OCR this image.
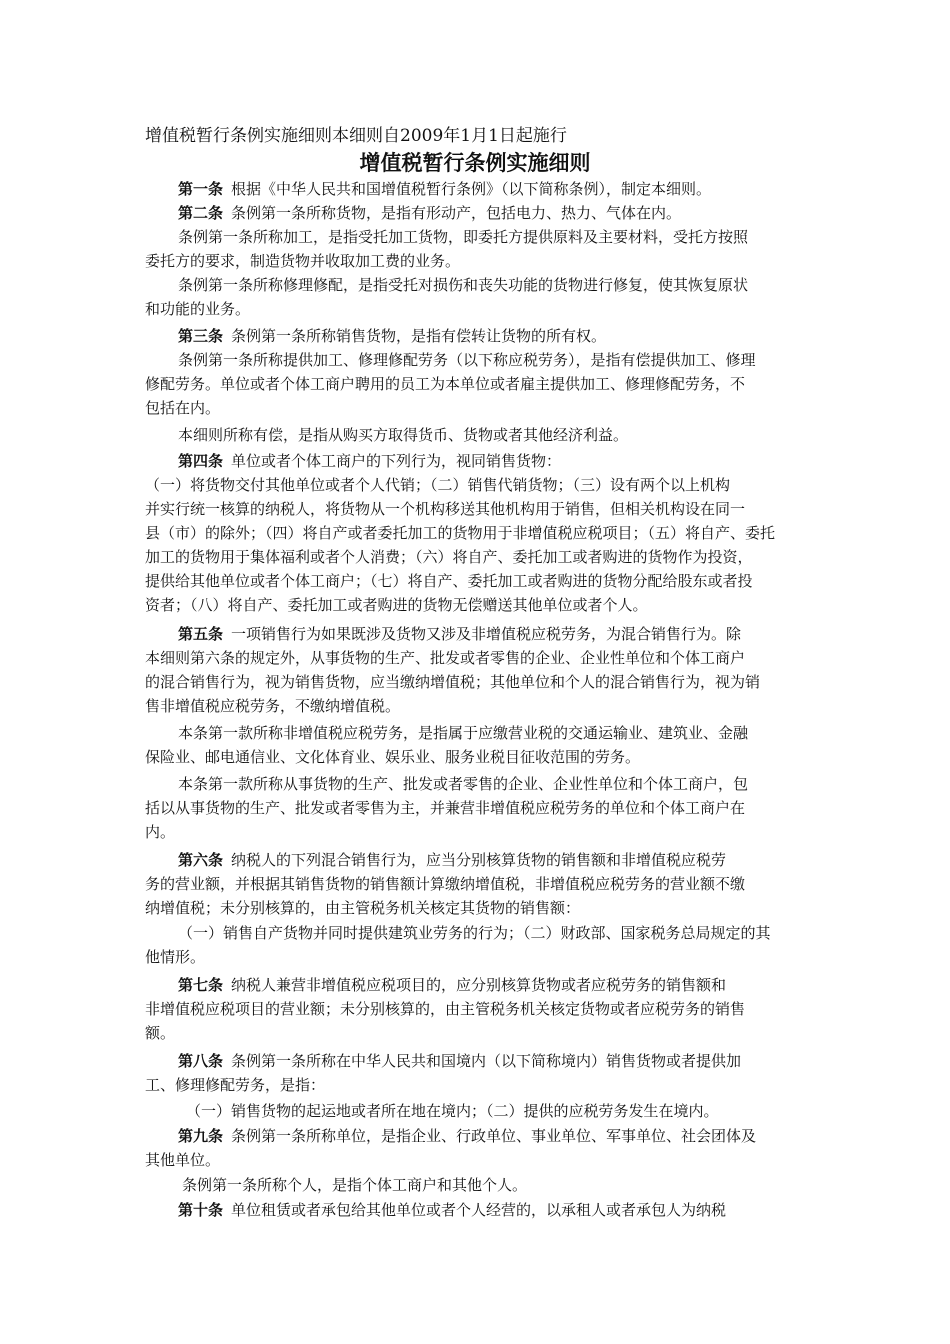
增值税暂行条例实施细则本细则自2009年1月1日起施行
增值税暂行条例实施细则
第一条 根据《中华人民共和国增值税暂行条例》（以下简称条例），制定本细则。
第二条 条例第一条所称货物，是指有形动产，包括电力、热力、气体在内。
条例第一条所称加工，是指受托加工货物，即委托方提供原料及主要材料，受托方按照
委托方的要求，制造货物并收取加工费的业务。
条例第一条所称修理修配，是指受托对损伤和丧失功能的货物进行修复，使其恢复原状
和功能的业务。
第三条 条例第一条所称销售货物，是指有偿转让货物的所有权。
条例第一条所称提供加工、修理修配劳务（以下称应税劳务），是指有偿提供加工、修理
修配劳务。单位或者个体工商户聘用的员工为本单位或者雇主提供加工、修理修配劳务，不
包括在内。
本细则所称有偿，是指从购买方取得货币、货物或者其他经济利益。
第四条 单位或者个体工商户的下列行为，视同销售货物：
（一）将货物交付其他单位或者个人代销；（二）销售代销货物；（三）设有两个以上机构
并实行统一核算的纳税人，将货物从一个机构移送其他机构用于销售，但相关机构设在同一
县（市）的除外；（四）将自产或者委托加工的货物用于非增值税应税项目；（五）将自产、委托
加工的货物用于集体福利或者个人消费；（六）将自产、委托加工或者购进的货物作为投资，
提供给其他单位或者个体工商户；（七）将自产、委托加工或者购进的货物分配给股东或者投
资者；（八）将自产、委托加工或者购进的货物无偿赠送其他单位或者个人。
第五条 一项销售行为如果既涉及货物又涉及非增值税应税劳务，为混合销售行为。除
本细则第六条的规定外，从事货物的生产、批发或者零售的企业、企业性单位和个体工商户
的混合销售行为，视为销售货物，应当缴纳增值税；其他单位和个人的混合销售行为，视为销
售非增值税应税劳务，不缴纳增值税。
本条第一款所称非增值税应税劳务，是指属于应缴营业税的交通运输业、建筑业、金融
保险业、邮电通信业、文化体育业、娱乐业、服务业税目征收范围的劳务。
本条第一款所称从事货物的生产、批发或者零售的企业、企业性单位和个体工商户，包
括以从事货物的生产、批发或者零售为主，并兼营非增值税应税劳务的单位和个体工商户在
内。
第六条 纳税人的下列混合销售行为，应当分别核算货物的销售额和非增值税应税劳
务的营业额，并根据其销售货物的销售额计算缴纳增值税，非增值税应税劳务的营业额不缴
纳增值税；未分别核算的，由主管税务机关核定其货物的销售额：
（一）销售自产货物并同时提供建筑业劳务的行为；（二）财政部、国家税务总局规定的其
他情形。
第七条 纳税人兼营非增值税应税项目的，应分别核算货物或者应税劳务的销售额和
非增值税应税项目的营业额；未分别核算的，由主管税务机关核定货物或者应税劳务的销售
额。
第八条 条例第一条所称在中华人民共和国境内（以下简称境内）销售货物或者提供加
工、修理修配劳务，是指：
（一）销售货物的起运地或者所在地在境内；（二）提供的应税劳务发生在境内。
第九条 条例第一条所称单位，是指企业、行政单位、事业单位、军事单位、社会团体及
其他单位。
条例第一条所称个人，是指个体工商户和其他个人。
第十条 单位租赁或者承包给其他单位或者个人经营的，以承租人或者承包人为纳税
